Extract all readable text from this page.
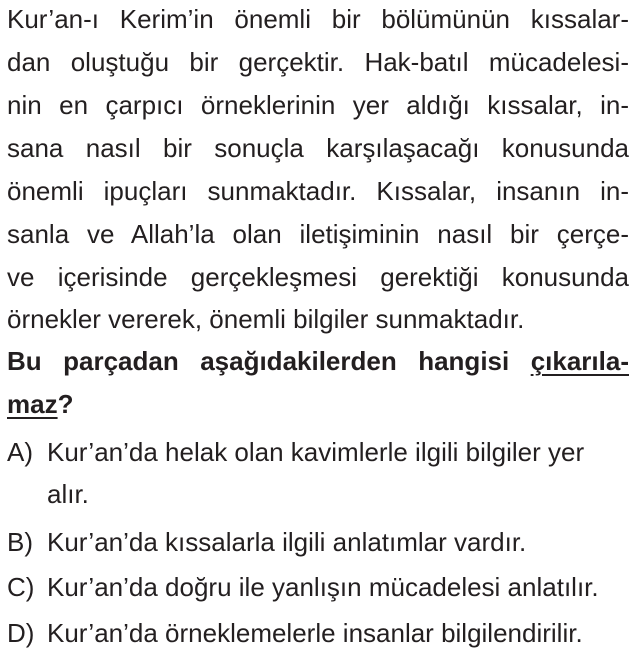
Kur’an-ı Kerim’in önemli bir bölümünün kıssalar-
dan oluştuğu bir gerçektir. Hak-batıl mücadelesi-
nin en çarpıcı örneklerinin yer aldığı kıssalar, in-
sana nasıl bir sonuçla karşılaşacağı konusunda
önemli ipuçları sunmaktadır. Kıssalar, insanın in-
sanla ve Allah’la olan iletişiminin nasıl bir çerçe-
ve içerisinde gerçekleşmesi gerektiği konusunda
örnekler vererek, önemli bilgiler sunmaktadır.
Bu parçadan aşağıdakilerden hangisi çıkarıla-
maz?
A) Kur’an’da helak olan kavimlerle ilgili bilgiler yer
alır.
B) Kur’an’da kıssalarla ilgili anlatımlar vardır.
C) Kur’an’da doğru ile yanlışın mücadelesi anlatılır.
D) Kur’an’da örneklemelerle insanlar bilgilendirilir.
